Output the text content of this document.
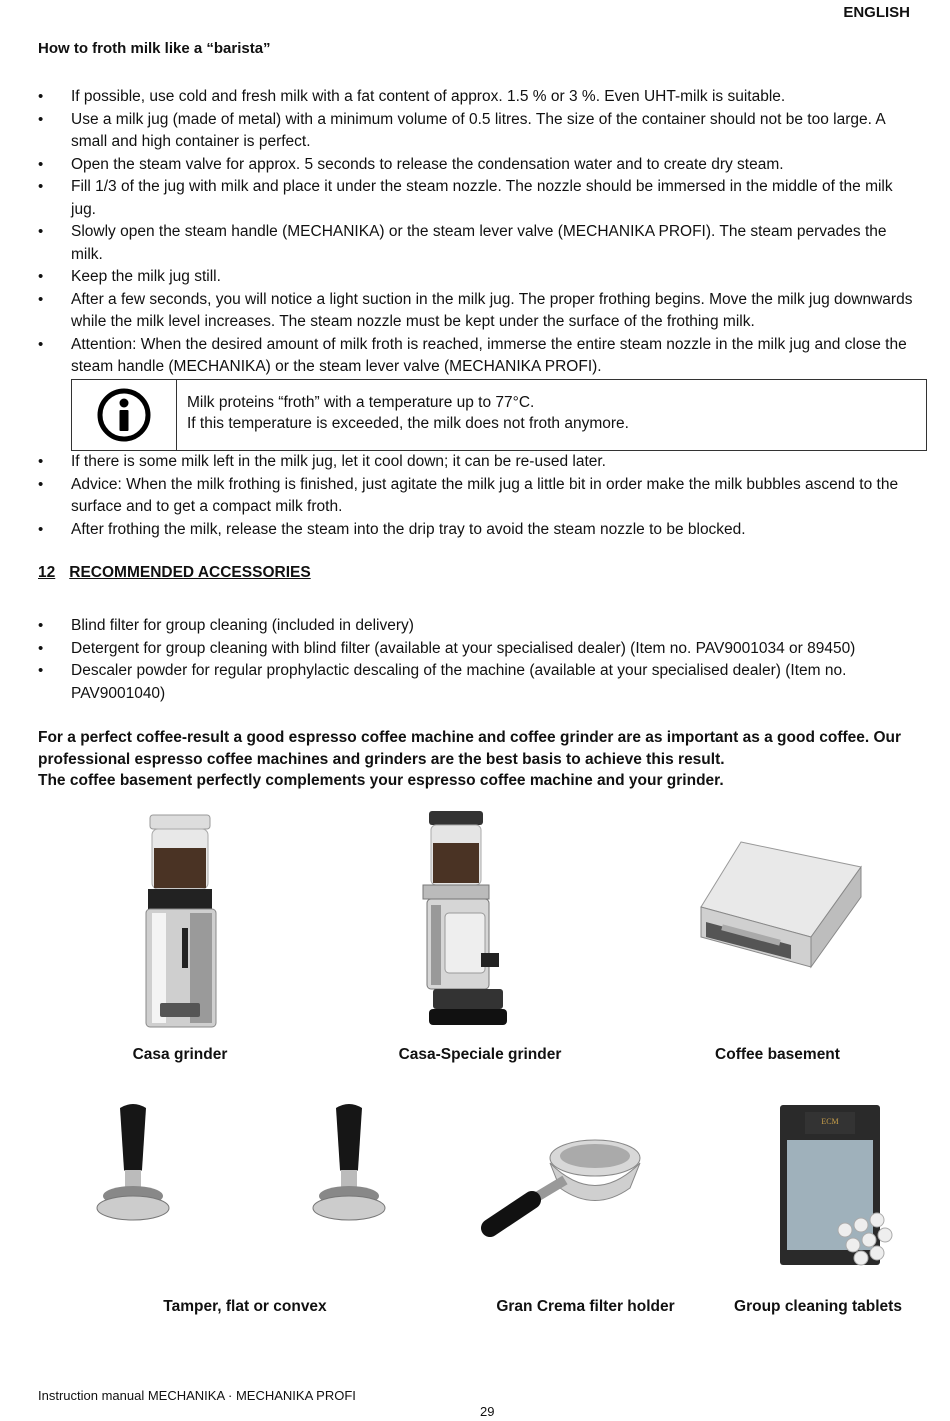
ENGLISH
How to froth milk like a “barista”
• If possible, use cold and fresh milk with a fat content of approx. 1.5 % or 3 %. Even UHT-milk is suitable.
• Use a milk jug (made of metal) with a minimum volume of 0.5 litres. The size of the container should not be too large. A small and high container is perfect.
• Open the steam valve for approx. 5 seconds to release the condensation water and to create dry steam.
• Fill 1/3 of the jug with milk and place it under the steam nozzle. The nozzle should be immersed in the middle of the milk jug.
• Slowly open the steam handle (MECHANIKA) or the steam lever valve (MECHANIKA PROFI). The steam pervades the milk.
• Keep the milk jug still.
• After a few seconds, you will notice a light suction in the milk jug. The proper frothing begins. Move the milk jug downwards while the milk level increases. The steam nozzle must be kept under the surface of the frothing milk.
• Attention: When the desired amount of milk froth is reached, immerse the entire steam nozzle in the milk jug and close the steam handle (MECHANIKA) or the steam lever valve (MECHANIKA PROFI).
Milk proteins “froth” with a temperature up to 77°C.
If this temperature is exceeded, the milk does not froth anymore.
• If there is some milk left in the milk jug, let it cool down; it can be re-used later.
• Advice: When the milk frothing is finished, just agitate the milk jug a little bit in order make the milk bubbles ascend to the surface and to get a compact milk froth.
• After frothing the milk, release the steam into the drip tray to avoid the steam nozzle to be blocked.
12 RECOMMENDED ACCESSORIES
• Blind filter for group cleaning (included in delivery)
• Detergent for group cleaning with blind filter (available at your specialised dealer) (Item no. PAV9001034 or 89450)
• Descaler powder for regular prophylactic descaling of the machine (available at your specialised dealer) (Item no. PAV9001040)
For a perfect coffee-result a good espresso coffee machine and coffee grinder are as important as a good coffee. Our professional espresso coffee machines and grinders are the best basis to achieve this result.
The coffee basement perfectly complements your espresso coffee machine and your grinder.
Casa grinder	Casa-Speciale grinder	Coffee basement
ECM
Tamper, flat or convex	Gran Crema filter holder	Group cleaning tablets
Instruction manual MECHANIKA · MECHANIKA PROFI
29
